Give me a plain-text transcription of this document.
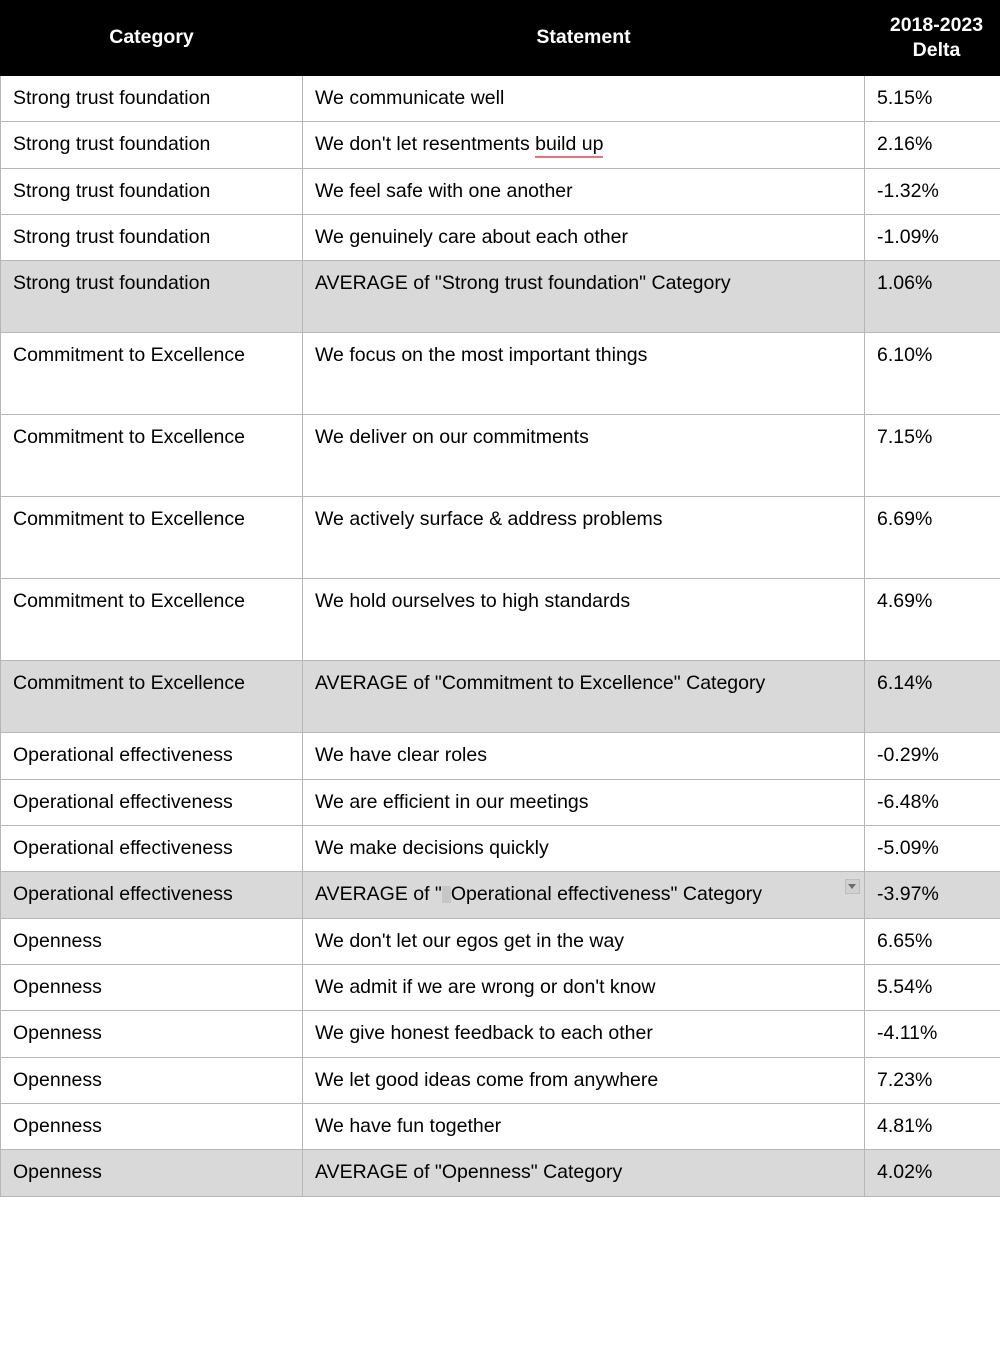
Category	Statement	2018-2023 Delta
Strong trust foundation	We communicate well	5.15%
Strong trust foundation	We don't let resentments build up	2.16%
Strong trust foundation	We feel safe with one another	-1.32%
Strong trust foundation	We genuinely care about each other	-1.09%
Strong trust foundation	AVERAGE of "Strong trust foundation" Category	1.06%
Commitment to Excellence	We focus on the most important things	6.10%
Commitment to Excellence	We deliver on our commitments	7.15%
Commitment to Excellence	We actively surface & address problems	6.69%
Commitment to Excellence	We hold ourselves to high standards	4.69%
Commitment to Excellence	AVERAGE of "Commitment to Excellence" Category	6.14%
Operational effectiveness	We have clear roles	-0.29%
Operational effectiveness	We are efficient in our meetings	-6.48%
Operational effectiveness	We make decisions quickly	-5.09%
Operational effectiveness	AVERAGE of " Operational effectiveness" Category	-3.97%
Openness	We don't let our egos get in the way	6.65%
Openness	We admit if we are wrong or don't know	5.54%
Openness	We give honest feedback to each other	-4.11%
Openness	We let good ideas come from anywhere	7.23%
Openness	We have fun together	4.81%
Openness	AVERAGE of "Openness" Category	4.02%
